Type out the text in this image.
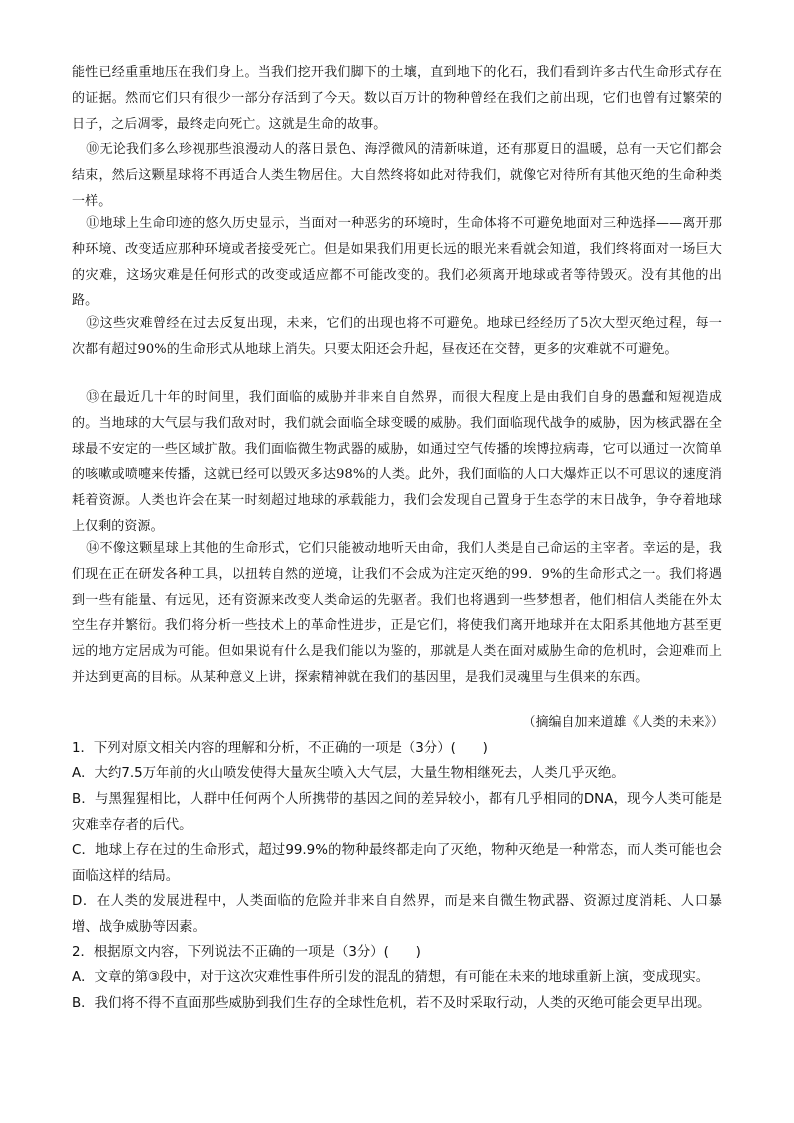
能性已经重重地压在我们身上。当我们挖开我们脚下的土壤，直到地下的化石，我们看到许多古代生命形式存在的证据。然而它们只有很少一部分存活到了今天。数以百万计的物种曾经在我们之前出现，它们也曾有过繁荣的日子，之后凋零，最终走向死亡。这就是生命的故事。
⑩无论我们多么珍视那些浪漫动人的落日景色、海浮微风的清新味道，还有那夏日的温暖，总有一天它们都会结束，然后这颗星球将不再适合人类生物居住。大自然终将如此对待我们，就像它对待所有其他灭绝的生命种类一样。
⑪地球上生命印迹的悠久历史显示，当面对一种恶劣的环境时，生命体将不可避免地面对三种选择——离开那种环境、改变适应那种环境或者接受死亡。但是如果我们用更长远的眼光来看就会知道，我们终将面对一场巨大的灾难，这场灾难是任何形式的改变或适应都不可能改变的。我们必须离开地球或者等待毁灭。没有其他的出路。
⑫这些灾难曾经在过去反复出现，未来，它们的出现也将不可避免。地球已经经历了5次大型灭绝过程，每一次都有超过90%的生命形式从地球上消失。只要太阳还会升起，昼夜还在交替，更多的灾难就不可避免。
⑬在最近几十年的时间里，我们面临的威胁并非来自自然界，而很大程度上是由我们自身的愚蠢和短视造成的。当地球的大气层与我们敌对时，我们就会面临全球变暖的威胁。我们面临现代战争的威胁，因为核武器在全球最不安定的一些区域扩散。我们面临微生物武器的威胁，如通过空气传播的埃博拉病毒，它可以通过一次简单的咳嗽或喷嚏来传播，这就已经可以毁灭多达98%的人类。此外，我们面临的人口大爆炸正以不可思议的速度消耗着资源。人类也许会在某一时刻超过地球的承载能力，我们会发现自己置身于生态学的末日战争，争夺着地球上仅剩的资源。
⑭不像这颗星球上其他的生命形式，它们只能被动地听天由命，我们人类是自己命运的主宰者。幸运的是，我们现在正在研发各种工具，以扭转自然的逆境，让我们不会成为注定灭绝的99．9%的生命形式之一。我们将遇到一些有能量、有远见，还有资源来改变人类命运的先驱者。我们也将遇到一些梦想者，他们相信人类能在外太空生存并繁衍。我们将分析一些技术上的革命性进步，正是它们，将使我们离开地球并在太阳系其他地方甚至更远的地方定居成为可能。但如果说有什么是我们能以为鉴的，那就是人类在面对威胁生命的危机时，会迎难而上并达到更高的目标。从某种意义上讲，探索精神就在我们的基因里，是我们灵魂里与生俱来的东西。
（摘编自加来道雄《人类的未来》）
1．下列对原文相关内容的理解和分析，不正确的一项是（3分）(　　)
A．大约7.5万年前的火山喷发使得大量灰尘喷入大气层，大量生物相继死去，人类几乎灭绝。
B．与黑猩猩相比，人群中任何两个人所携带的基因之间的差异较小，都有几乎相同的DNA，现今人类可能是灾难幸存者的后代。
C．地球上存在过的生命形式，超过99.9%的物种最终都走向了灭绝，物种灭绝是一种常态，而人类可能也会面临这样的结局。
D．在人类的发展进程中，人类面临的危险并非来自自然界，而是来自微生物武器、资源过度消耗、人口暴增、战争威胁等因素。
2．根据原文内容，下列说法不正确的一项是（3分）(　　)
A．文章的第③段中，对于这次灾难性事件所引发的混乱的猜想，有可能在未来的地球重新上演，变成现实。
B．我们将不得不直面那些威胁到我们生存的全球性危机，若不及时采取行动，人类的灭绝可能会更早出现。
